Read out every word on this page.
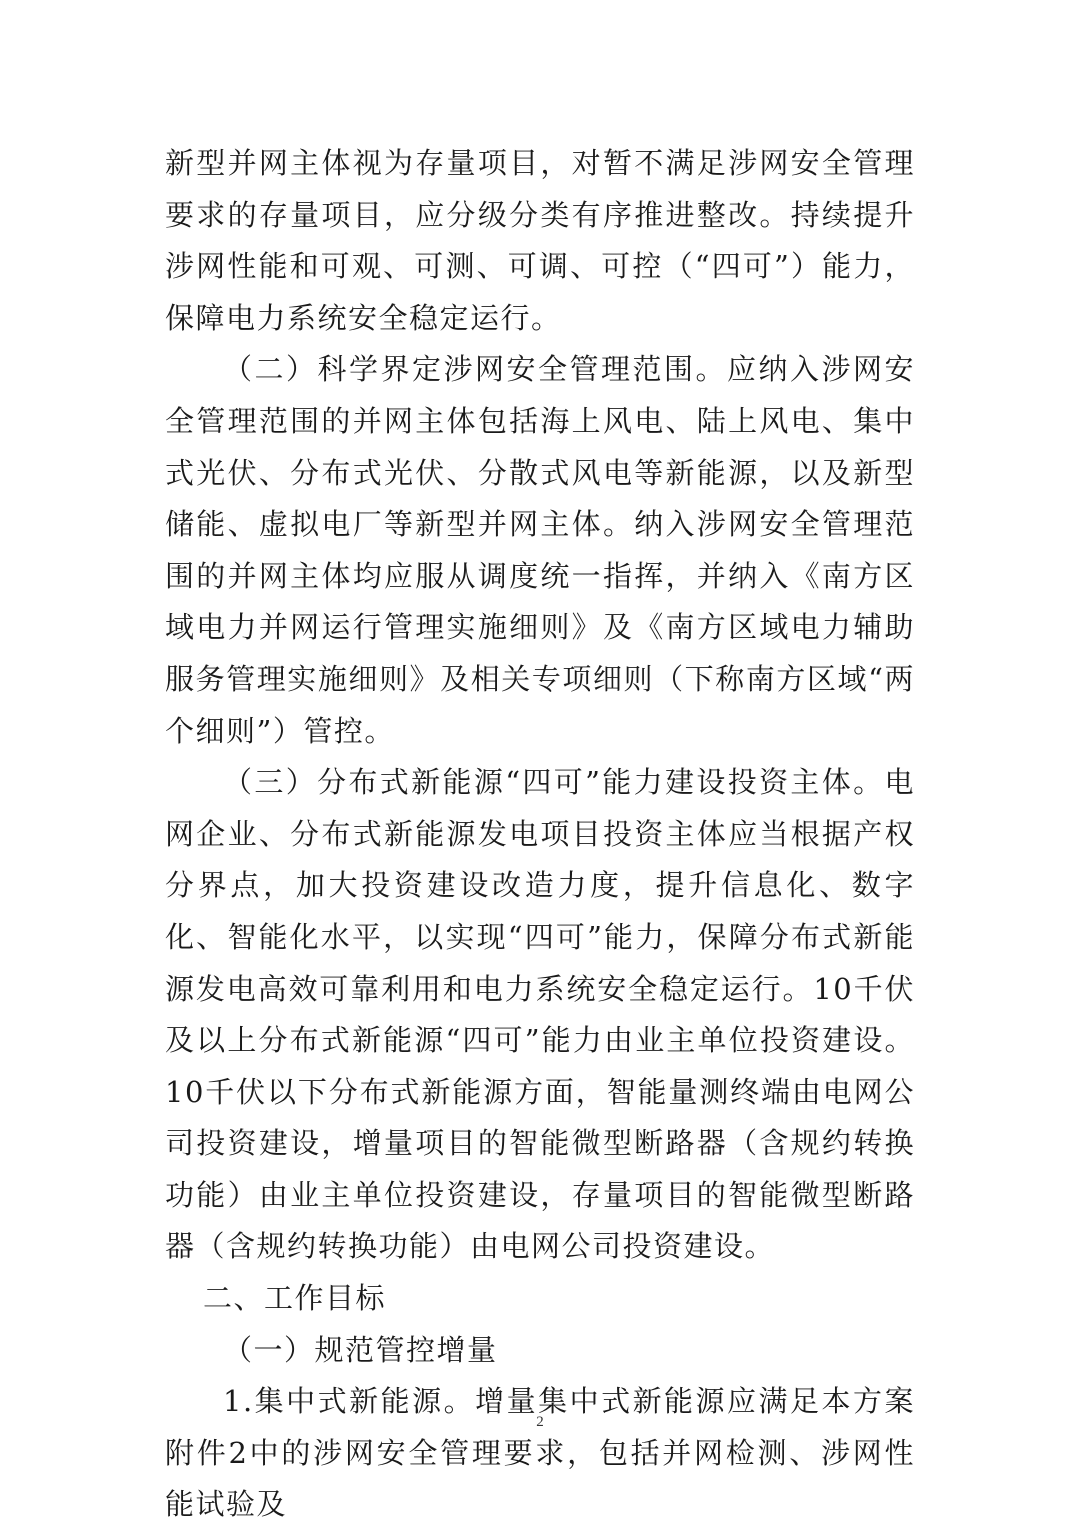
新型并网主体视为存量项目，对暂不满足涉网安全管理要求的存量项目，应分级分类有序推进整改。持续提升涉网性能和可观、可测、可调、可控（“四可”）能力，保障电力系统安全稳定运行。

（二）科学界定涉网安全管理范围。应纳入涉网安全管理范围的并网主体包括海上风电、陆上风电、集中式光伏、分布式光伏、分散式风电等新能源，以及新型储能、虚拟电厂等新型并网主体。纳入涉网安全管理范围的并网主体均应服从调度统一指挥，并纳入《南方区域电力并网运行管理实施细则》及《南方区域电力辅助服务管理实施细则》及相关专项细则（下称南方区域“两个细则”）管控。

（三）分布式新能源“四可”能力建设投资主体。电网企业、分布式新能源发电项目投资主体应当根据产权分界点，加大投资建设改造力度，提升信息化、数字化、智能化水平，以实现“四可”能力，保障分布式新能源发电高效可靠利用和电力系统安全稳定运行。10千伏及以上分布式新能源“四可”能力由业主单位投资建设。10千伏以下分布式新能源方面，智能量测终端由电网公司投资建设，增量项目的智能微型断路器（含规约转换功能）由业主单位投资建设，存量项目的智能微型断路器（含规约转换功能）由电网公司投资建设。

二、工作目标

（一）规范管控增量

1.集中式新能源。增量集中式新能源应满足本方案附件2中的涉网安全管理要求，包括并网检测、涉网性能试验及

2
